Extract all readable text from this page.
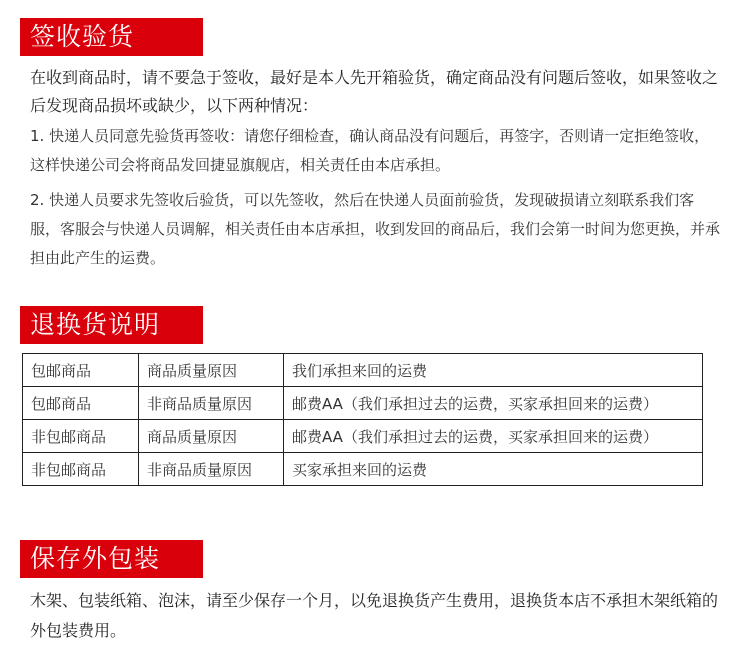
签收验货

在收到商品时，请不要急于签收，最好是本人先开箱验货，确定商品没有问题后签收，如果签收之后发现商品损坏或缺少，以下两种情况：

1. 快递人员同意先验货再签收：请您仔细检查，确认商品没有问题后，再签字，否则请一定拒绝签收，这样快递公司会将商品发回捷显旗舰店，相关责任由本店承担。

2. 快递人员要求先签收后验货，可以先签收，然后在快递人员面前验货，发现破损请立刻联系我们客服，客服会与快递人员调解，相关责任由本店承担，收到发回的商品后，我们会第一时间为您更换，并承担由此产生的运费。

退换货说明
包邮商品	商品质量原因	我们承担来回的运费
包邮商品	非商品质量原因	邮费AA（我们承担过去的运费，买家承担回来的运费）
非包邮商品	商品质量原因	邮费AA（我们承担过去的运费，买家承担回来的运费）
非包邮商品	非商品质量原因	买家承担来回的运费
保存外包装

木架、包装纸箱、泡沫，请至少保存一个月，以免退换货产生费用，退换货本店不承担木架纸箱的外包装费用。
